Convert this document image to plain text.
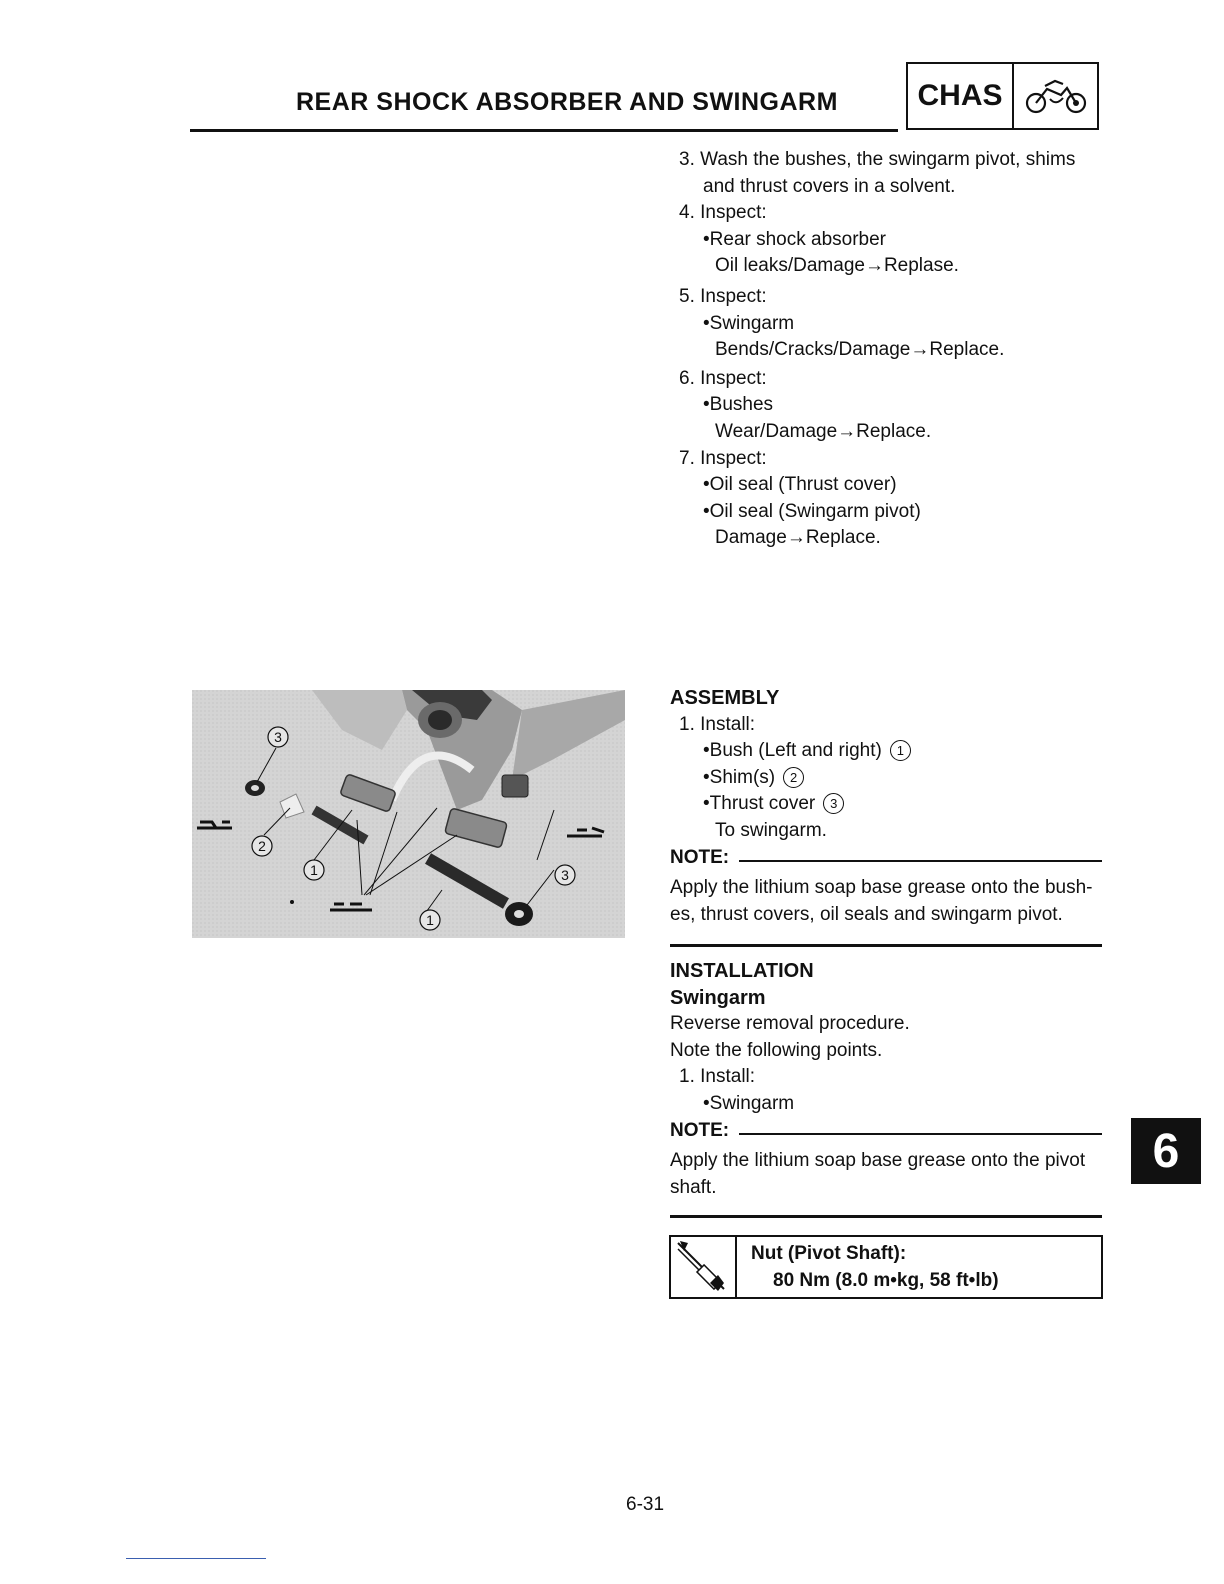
REAR SHOCK ABSORBER AND SWINGARM	CHAS
3. Wash the bushes, the swingarm pivot, shims
and thrust covers in a solvent.
4. Inspect:
•Rear shock absorber
Oil leaks/Damage→Replase.
5. Inspect:
•Swingarm
Bends/Cracks/Damage→Replace.
6. Inspect:
•Bushes
Wear/Damage→Replace.
7. Inspect:
•Oil seal (Thrust cover)
•Oil seal (Swingarm pivot)
Damage→Replace.
3
2
1
1
3
ASSEMBLY
1. Install:
•Bush (Left and right) 1
•Shim(s) 2
•Thrust cover 3
To swingarm.
NOTE:
Apply the lithium soap base grease onto the bush-es, thrust covers, oil seals and swingarm pivot.
INSTALLATION
Swingarm
Reverse removal procedure.
Note the following points.
1. Install:
•Swingarm
NOTE:
Apply the lithium soap base grease onto the pivot shaft.
Nut (Pivot Shaft):
80 Nm (8.0 m•kg, 58 ft•lb)
6
6-31
